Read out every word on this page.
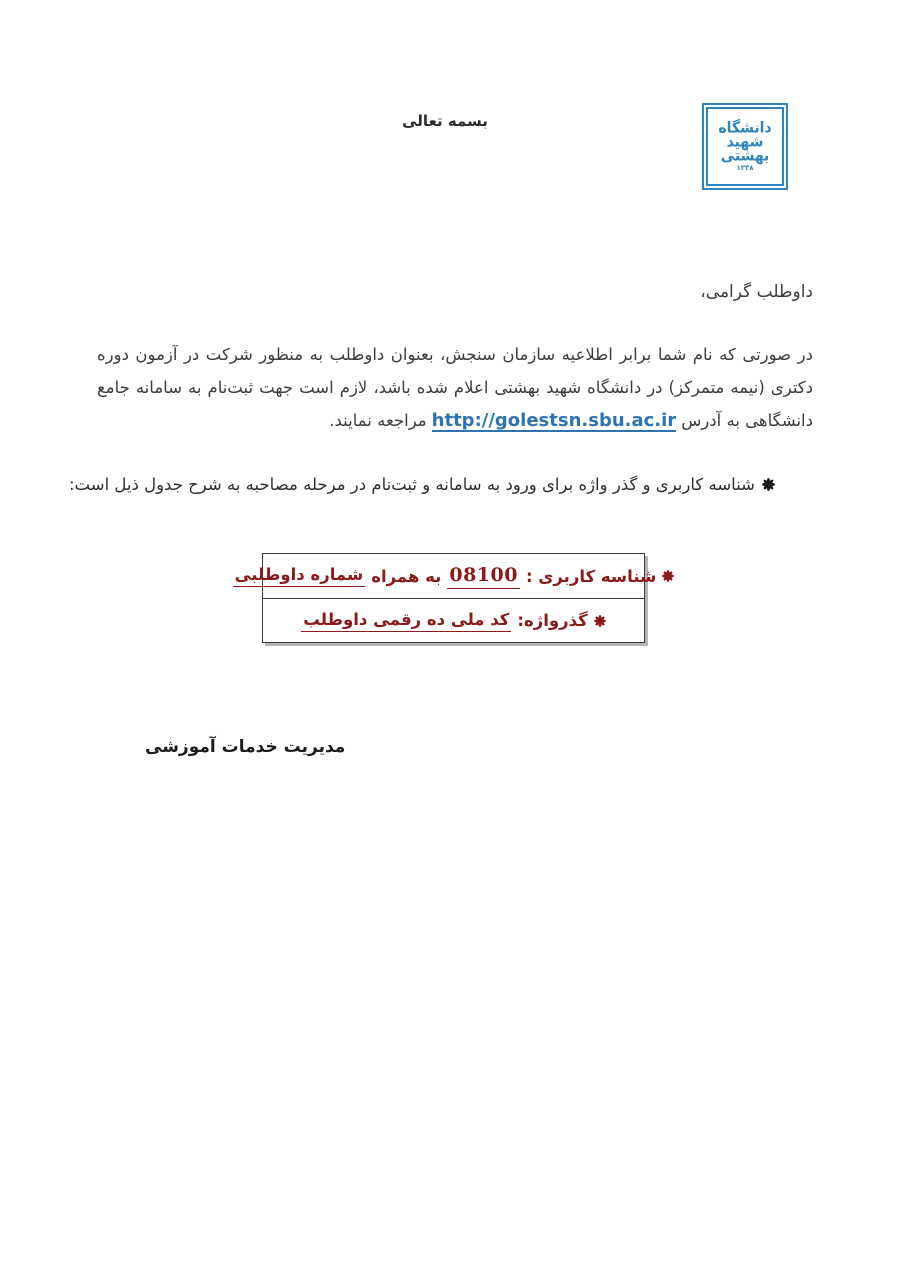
بسمه تعالی	دانشگاه
شهید
بهشتی
۱۳۳۸
داوطلب گرامی،

در صورتی که نام شما برابر اطلاعیه سازمان سنجش، بعنوان داوطلب به منظور شرکت در آزمون دوره دکتری (نیمه متمرکز) در دانشگاه شهید بهشتی اعلام شده باشد، لازم است جهت ثبت‌نام به سامانه جامع دانشگاهی به آدرسhttp://golestsn.sbu.ac.irمراجعه نمایند.

شناسه کاربری و گذر واژه برای ورود به سامانه و ثبت‌نام در مرحله مصاحبه به شرح جدول ذیل است:
شناسه کاربری :
08100
به همراه
شماره داوطلبی
گذرواژه:
کد ملی ده رقمی داوطلب
مدیریت خدمات آموزشی
